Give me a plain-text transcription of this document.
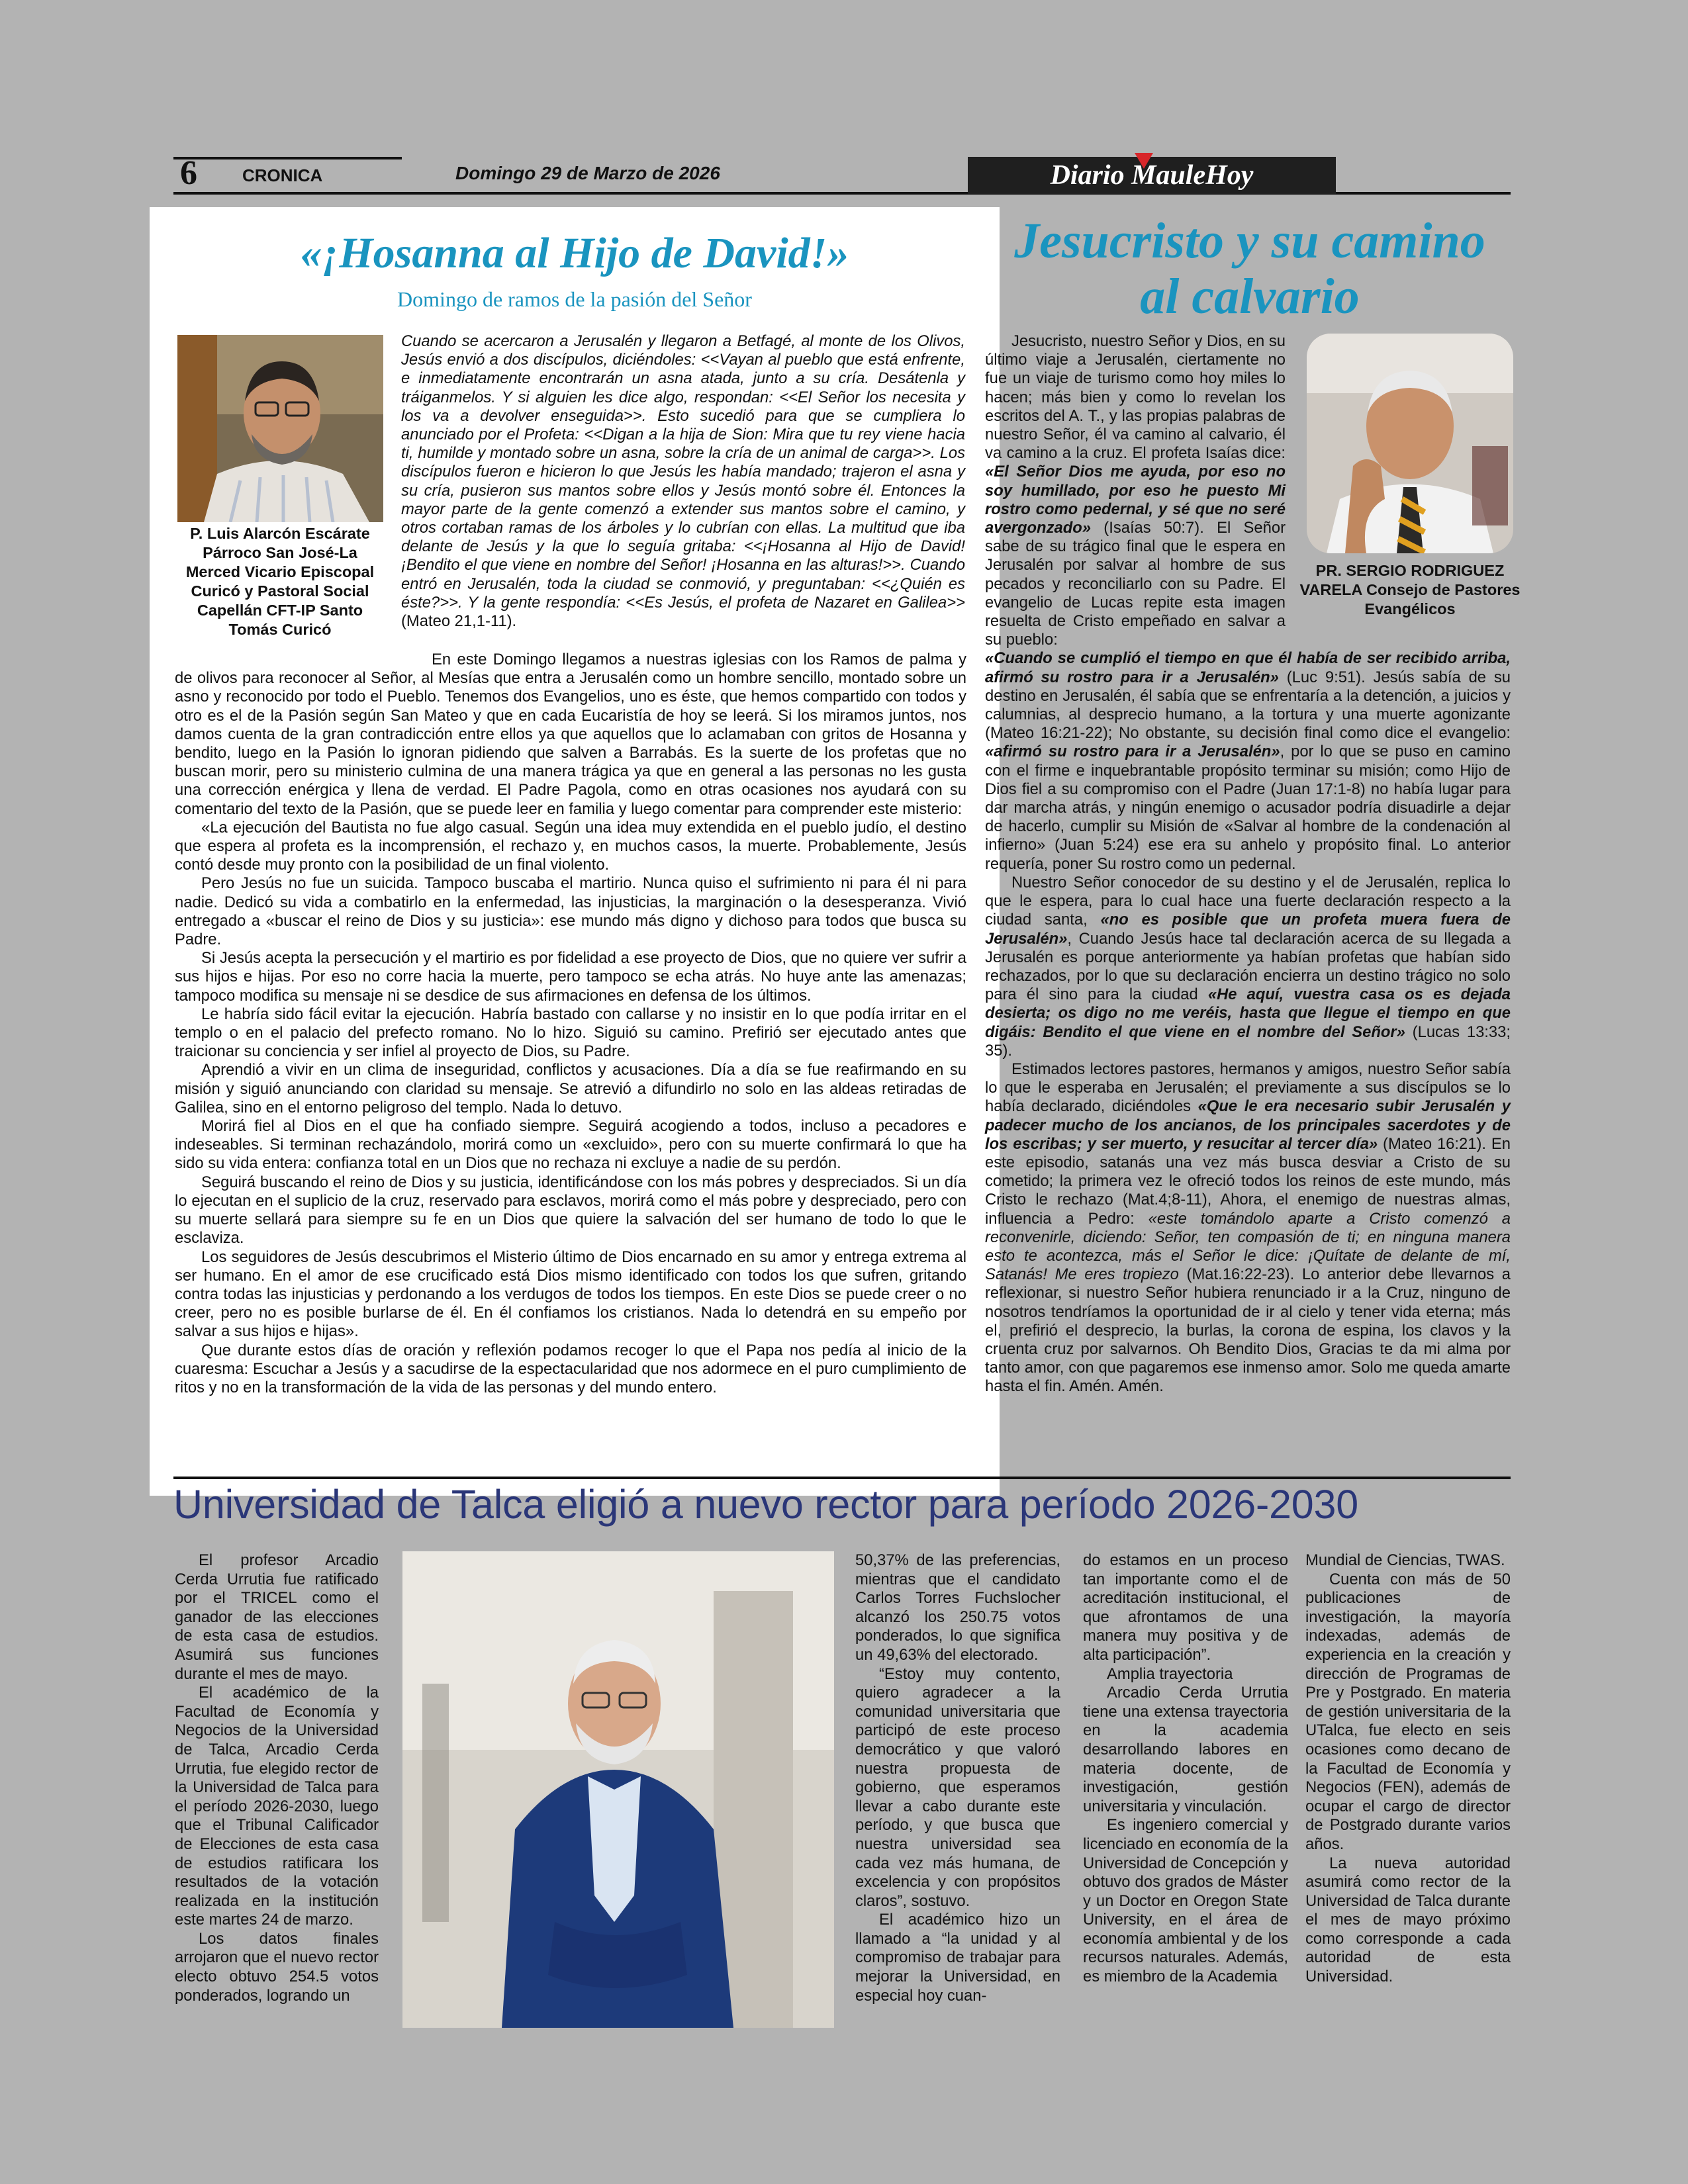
6	CRONICA	Domingo 29 de Marzo de 2026	Diario MauleHoy
«¡Hosanna al Hijo de David!»
Domingo de ramos de la pasión del Señor
P. Luis Alarcón Escárate Párroco San José-La Merced Vicario Episcopal Curicó y Pastoral Social Capellán CFT-IP Santo Tomás Curicó
Cuando se acercaron a Jerusalén y llegaron a Betfagé, al monte de los Olivos, Jesús envió a dos discípulos, diciéndoles: <<Vayan al pueblo que está enfrente, e inmediatamente encontrarán un asna atada, junto a su cría. Desátenla y tráiganmelos. Y si alguien les dice algo, respondan: <<El Señor los necesita y los va a devolver enseguida>>. Esto sucedió para que se cumpliera lo anunciado por el Profeta: <<Digan a la hija de Sion: Mira que tu rey viene hacia ti, humilde y montado sobre un asna, sobre la cría de un animal de carga>>. Los discípulos fueron e hicieron lo que Jesús les había mandado; trajeron el asna y su cría, pusieron sus mantos sobre ellos y Jesús montó sobre él. Entonces la mayor parte de la gente comenzó a extender sus mantos sobre el camino, y otros cortaban ramas de los árboles y lo cubrían con ellas. La multitud que iba delante de Jesús y la que lo seguía gritaba: <<¡Hosanna al Hijo de David! ¡Bendito el que viene en nombre del Señor! ¡Hosanna en las alturas!>>. Cuando entró en Jerusalén, toda la ciudad se conmovió, y preguntaban: <<¿Quién es éste?>>. Y la gente respondía: <<Es Jesús, el profeta de Nazaret en Galilea>> (Mateo 21,1-11).

En este Domingo llegamos a nuestras iglesias con los Ramos de palma y de olivos para reconocer al Señor, al Mesías que entra a Jerusalén como un hombre sencillo, montado sobre un asno y reconocido por todo el Pueblo. Tenemos dos Evangelios, uno es éste, que hemos compartido con todos y otro es el de la Pasión según San Mateo y que en cada Eucaristía de hoy se leerá. Si los miramos juntos, nos damos cuenta de la gran contradicción entre ellos ya que aquellos que lo aclamaban con gritos de Hosanna y bendito, luego en la Pasión lo ignoran pidiendo que salven a Barrabás. Es la suerte de los profetas que no buscan morir, pero su ministerio culmina de una manera trágica ya que en general a las personas no les gusta una corrección enérgica y llena de verdad. El Padre Pagola, como en otras ocasiones nos ayudará con su comentario del texto de la Pasión, que se puede leer en familia y luego comentar para comprender este misterio:

«La ejecución del Bautista no fue algo casual. Según una idea muy extendida en el pueblo judío, el destino que espera al profeta es la incomprensión, el rechazo y, en muchos casos, la muerte. Probablemente, Jesús contó desde muy pronto con la posibilidad de un final violento.

Pero Jesús no fue un suicida. Tampoco buscaba el martirio. Nunca quiso el sufrimiento ni para él ni para nadie. Dedicó su vida a combatirlo en la enfermedad, las injusticias, la marginación o la desesperanza. Vivió entregado a «buscar el reino de Dios y su justicia»: ese mundo más digno y dichoso para todos que busca su Padre.

Si Jesús acepta la persecución y el martirio es por fidelidad a ese proyecto de Dios, que no quiere ver sufrir a sus hijos e hijas. Por eso no corre hacia la muerte, pero tampoco se echa atrás. No huye ante las amenazas; tampoco modifica su mensaje ni se desdice de sus afirmaciones en defensa de los últimos.

Le habría sido fácil evitar la ejecución. Habría bastado con callarse y no insistir en lo que podía irritar en el templo o en el palacio del prefecto romano. No lo hizo. Siguió su camino. Prefirió ser ejecutado antes que traicionar su conciencia y ser infiel al proyecto de Dios, su Padre.

Aprendió a vivir en un clima de inseguridad, conflictos y acusaciones. Día a día se fue reafirmando en su misión y siguió anunciando con claridad su mensaje. Se atrevió a difundirlo no solo en las aldeas retiradas de Galilea, sino en el entorno peligroso del templo. Nada lo detuvo.

Morirá fiel al Dios en el que ha confiado siempre. Seguirá acogiendo a todos, incluso a pecadores e indeseables. Si terminan rechazándolo, morirá como un «excluido», pero con su muerte confirmará lo que ha sido su vida entera: confianza total en un Dios que no rechaza ni excluye a nadie de su perdón.

Seguirá buscando el reino de Dios y su justicia, identificándose con los más pobres y despreciados. Si un día lo ejecutan en el suplicio de la cruz, reservado para esclavos, morirá como el más pobre y despreciado, pero con su muerte sellará para siempre su fe en un Dios que quiere la salvación del ser humano de todo lo que le esclaviza.

Los seguidores de Jesús descubrimos el Misterio último de Dios encarnado en su amor y entrega extrema al ser humano. En el amor de ese crucificado está Dios mismo identificado con todos los que sufren, gritando contra todas las injusticias y perdonando a los verdugos de todos los tiempos. En este Dios se puede creer o no creer, pero no es posible burlarse de él. En él confiamos los cristianos. Nada lo detendrá en su empeño por salvar a sus hijos e hijas».

Que durante estos días de oración y reflexión podamos recoger lo que el Papa nos pedía al inicio de la cuaresma: Escuchar a Jesús y a sacudirse de la espectacularidad que nos adormece en el puro cumplimiento de ritos y no en la transformación de la vida de las personas y del mundo entero.

Jesucristo y su camino al calvario
PR. SERGIO RODRIGUEZ VARELA Consejo de Pastores Evangélicos

Jesucristo, nuestro Señor y Dios, en su último viaje a Jerusalén, ciertamente no fue un viaje de turismo como hoy miles lo hacen; más bien y como lo revelan los escritos del A. T., y las propias palabras de nuestro Señor, él va camino al calvario, él va camino a la cruz. El profeta Isaías dice: «El Señor Dios me ayuda, por eso no soy humillado, por eso he puesto Mi rostro como pedernal, y sé que no seré avergonzado» (Isaías 50:7). El Señor sabe de su trágico final que le espera en Jerusalén por salvar al hombre de sus pecados y reconciliarlo con su Padre. El evangelio de Lucas repite esta imagen resuelta de Cristo empeñado en salvar a su pueblo:

«Cuando se cumplió el tiempo en que él había de ser recibido arriba, afirmó su rostro para ir a Jerusalén» (Luc 9:51). Jesús sabía de su destino en Jerusalén, él sabía que se enfrentaría a la detención, a juicios y calumnias, al desprecio humano, a la tortura y una muerte agonizante (Mateo 16:21-22); No obstante, su decisión final como dice el evangelio: «afirmó su rostro para ir a Jerusalén», por lo que se puso en camino con el firme e inquebrantable propósito terminar su misión; como Hijo de Dios fiel a su compromiso con el Padre (Juan 17:1-8) no había lugar para dar marcha atrás, y ningún enemigo o acusador podría disuadirle a dejar de hacerlo, cumplir su Misión de «Salvar al hombre de la condenación al infierno» (Juan 5:24) ese era su anhelo y propósito final. Lo anterior requería, poner Su rostro como un pedernal.

Nuestro Señor conocedor de su destino y el de Jerusalén, replica lo que le espera, para lo cual hace una fuerte declaración respecto a la ciudad santa, «no es posible que un profeta muera fuera de Jerusalén», Cuando Jesús hace tal declaración acerca de su llegada a Jerusalén es porque anteriormente ya habían profetas que habían sido rechazados, por lo que su declaración encierra un destino trágico no solo para él sino para la ciudad «He aquí, vuestra casa os es dejada desierta; os digo no me veréis, hasta que llegue el tiempo en que digáis: Bendito el que viene en el nombre del Señor» (Lucas 13:33; 35).

Estimados lectores pastores, hermanos y amigos, nuestro Señor sabía lo que le esperaba en Jerusalén; el previamente a sus discípulos se lo había declarado, diciéndoles «Que le era necesario subir Jerusalén y padecer mucho de los ancianos, de los principales sacerdotes y de los escribas; y ser muerto, y resucitar al tercer día» (Mateo 16:21). En este episodio, satanás una vez más busca desviar a Cristo de su cometido; la primera vez le ofreció todos los reinos de este mundo, más Cristo le rechazo (Mat.4;8-11), Ahora, el enemigo de nuestras almas, influencia a Pedro: «este tomándolo aparte a Cristo comenzó a reconvenirle, diciendo: Señor, ten compasión de ti; en ninguna manera esto te acontezca, más el Señor le dice: ¡Quítate de delante de mí, Satanás! Me eres tropiezo (Mat.16:22-23). Lo anterior debe llevarnos a reflexionar, si nuestro Señor hubiera renunciado ir a la Cruz, ninguno de nosotros tendríamos la oportunidad de ir al cielo y tener vida eterna; más el, prefirió el desprecio, la burlas, la corona de espina, los clavos y la cruenta cruz por salvarnos. Oh Bendito Dios, Gracias te da mi alma por tanto amor, con que pagaremos ese inmenso amor. Solo me queda amarte hasta el fin. Amén. Amén.

Universidad de Talca eligió a nuevo rector para período 2026-2030

El profesor Arcadio Cerda Urrutia fue ratificado por el TRICEL como el ganador de las elecciones de esta casa de estudios. Asumirá sus funciones durante el mes de mayo.

El académico de la Facultad de Economía y Negocios de la Universidad de Talca, Arcadio Cerda Urrutia, fue elegido rector de la Universidad de Talca para el período 2026-2030, luego que el Tribunal Calificador de Elecciones de esta casa de estudios ratificara los resultados de la votación realizada en la institución este martes 24 de marzo.

Los datos finales arrojaron que el nuevo rector electo obtuvo 254.5 votos ponderados, logrando un

50,37% de las preferencias, mientras que el candidato Carlos Torres Fuchslocher alcanzó los 250.75 votos ponderados, lo que significa un 49,63% del electorado.

“Estoy muy contento, quiero agradecer a la comunidad universitaria que participó de este proceso democrático y que valoró nuestra propuesta de gobierno, que esperamos llevar a cabo durante este período, y que busca que nuestra universidad sea cada vez más humana, de excelencia y con propósitos claros”, sostuvo.

El académico hizo un llamado a “la unidad y al compromiso de trabajar para mejorar la Universidad, en especial hoy cuan-

do estamos en un proceso tan importante como el de acreditación institucional, el que afrontamos de una manera muy positiva y de alta participación”.

Amplia trayectoria

Arcadio Cerda Urrutia tiene una extensa trayectoria en la academia desarrollando labores en materia docente, de investigación, gestión universitaria y vinculación.

Es ingeniero comercial y licenciado en economía de la Universidad de Concepción y obtuvo dos grados de Máster y un Doctor en Oregon State University, en el área de economía ambiental y de los recursos naturales. Además, es miembro de la Academia

Mundial de Ciencias, TWAS.

Cuenta con más de 50 publicaciones de investigación, la mayoría indexadas, además de experiencia en la creación y dirección de Programas de Pre y Postgrado. En materia de gestión universitaria de la UTalca, fue electo en seis ocasiones como decano de la Facultad de Economía y Negocios (FEN), además de ocupar el cargo de director de Postgrado durante varios años.

La nueva autoridad asumirá como rector de la Universidad de Talca durante el mes de mayo próximo como corresponde a cada autoridad de esta Universidad.
